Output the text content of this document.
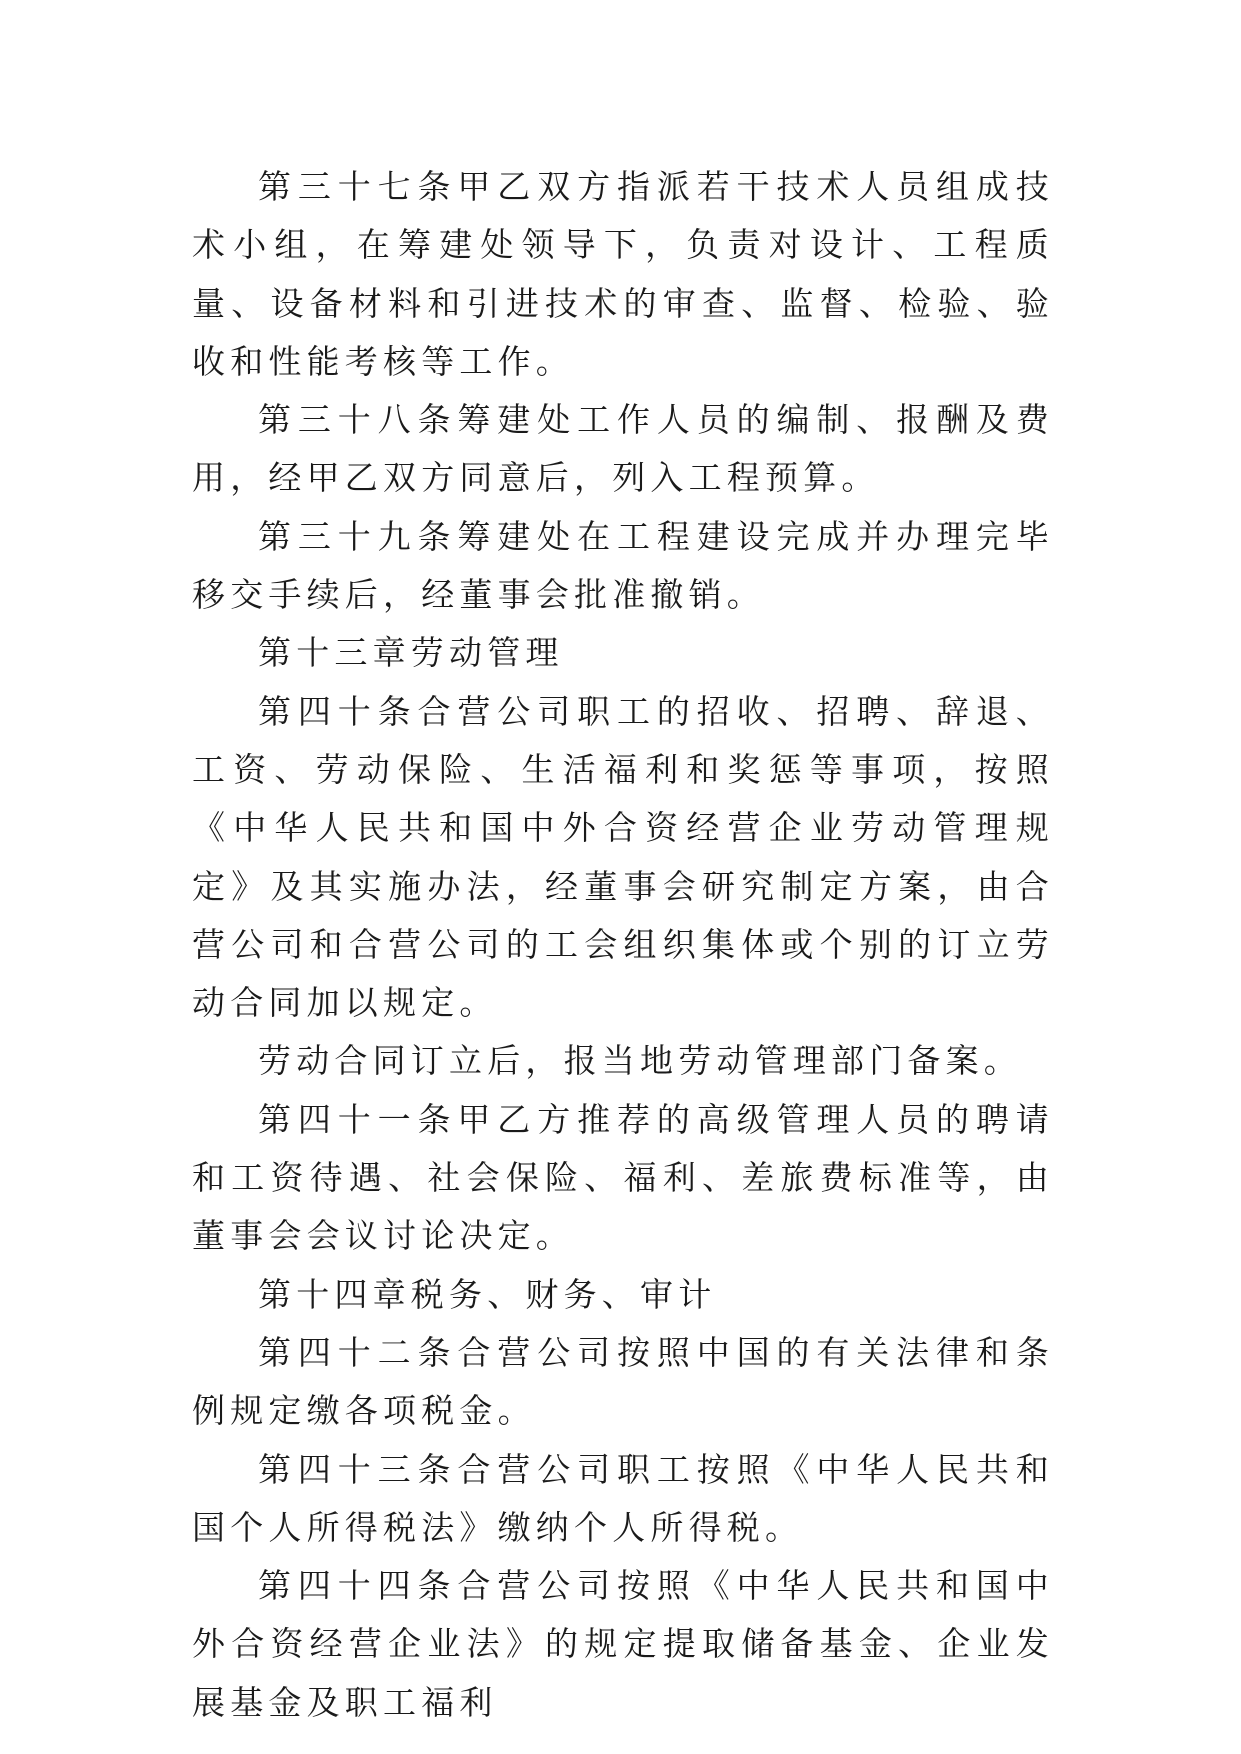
第三十七条甲乙双方指派若干技术人员组成技术小组，在筹建处领导下，负责对设计、工程质量、设备材料和引进技术的审查、监督、检验、验收和性能考核等工作。

第三十八条筹建处工作人员的编制、报酬及费用，经甲乙双方同意后，列入工程预算。

第三十九条筹建处在工程建设完成并办理完毕移交手续后，经董事会批准撤销。

第十三章劳动管理

第四十条合营公司职工的招收、招聘、辞退、工资、劳动保险、生活福利和奖惩等事项，按照《中华人民共和国中外合资经营企业劳动管理规定》及其实施办法，经董事会研究制定方案，由合营公司和合营公司的工会组织集体或个别的订立劳动合同加以规定。

劳动合同订立后，报当地劳动管理部门备案。

第四十一条甲乙方推荐的高级管理人员的聘请和工资待遇、社会保险、福利、差旅费标准等，由董事会会议讨论决定。

第十四章税务、财务、审计

第四十二条合营公司按照中国的有关法律和条例规定缴各项税金。

第四十三条合营公司职工按照《中华人民共和国个人所得税法》缴纳个人所得税。

第四十四条合营公司按照《中华人民共和国中外合资经营企业法》的规定提取储备基金、企业发展基金及职工福利
